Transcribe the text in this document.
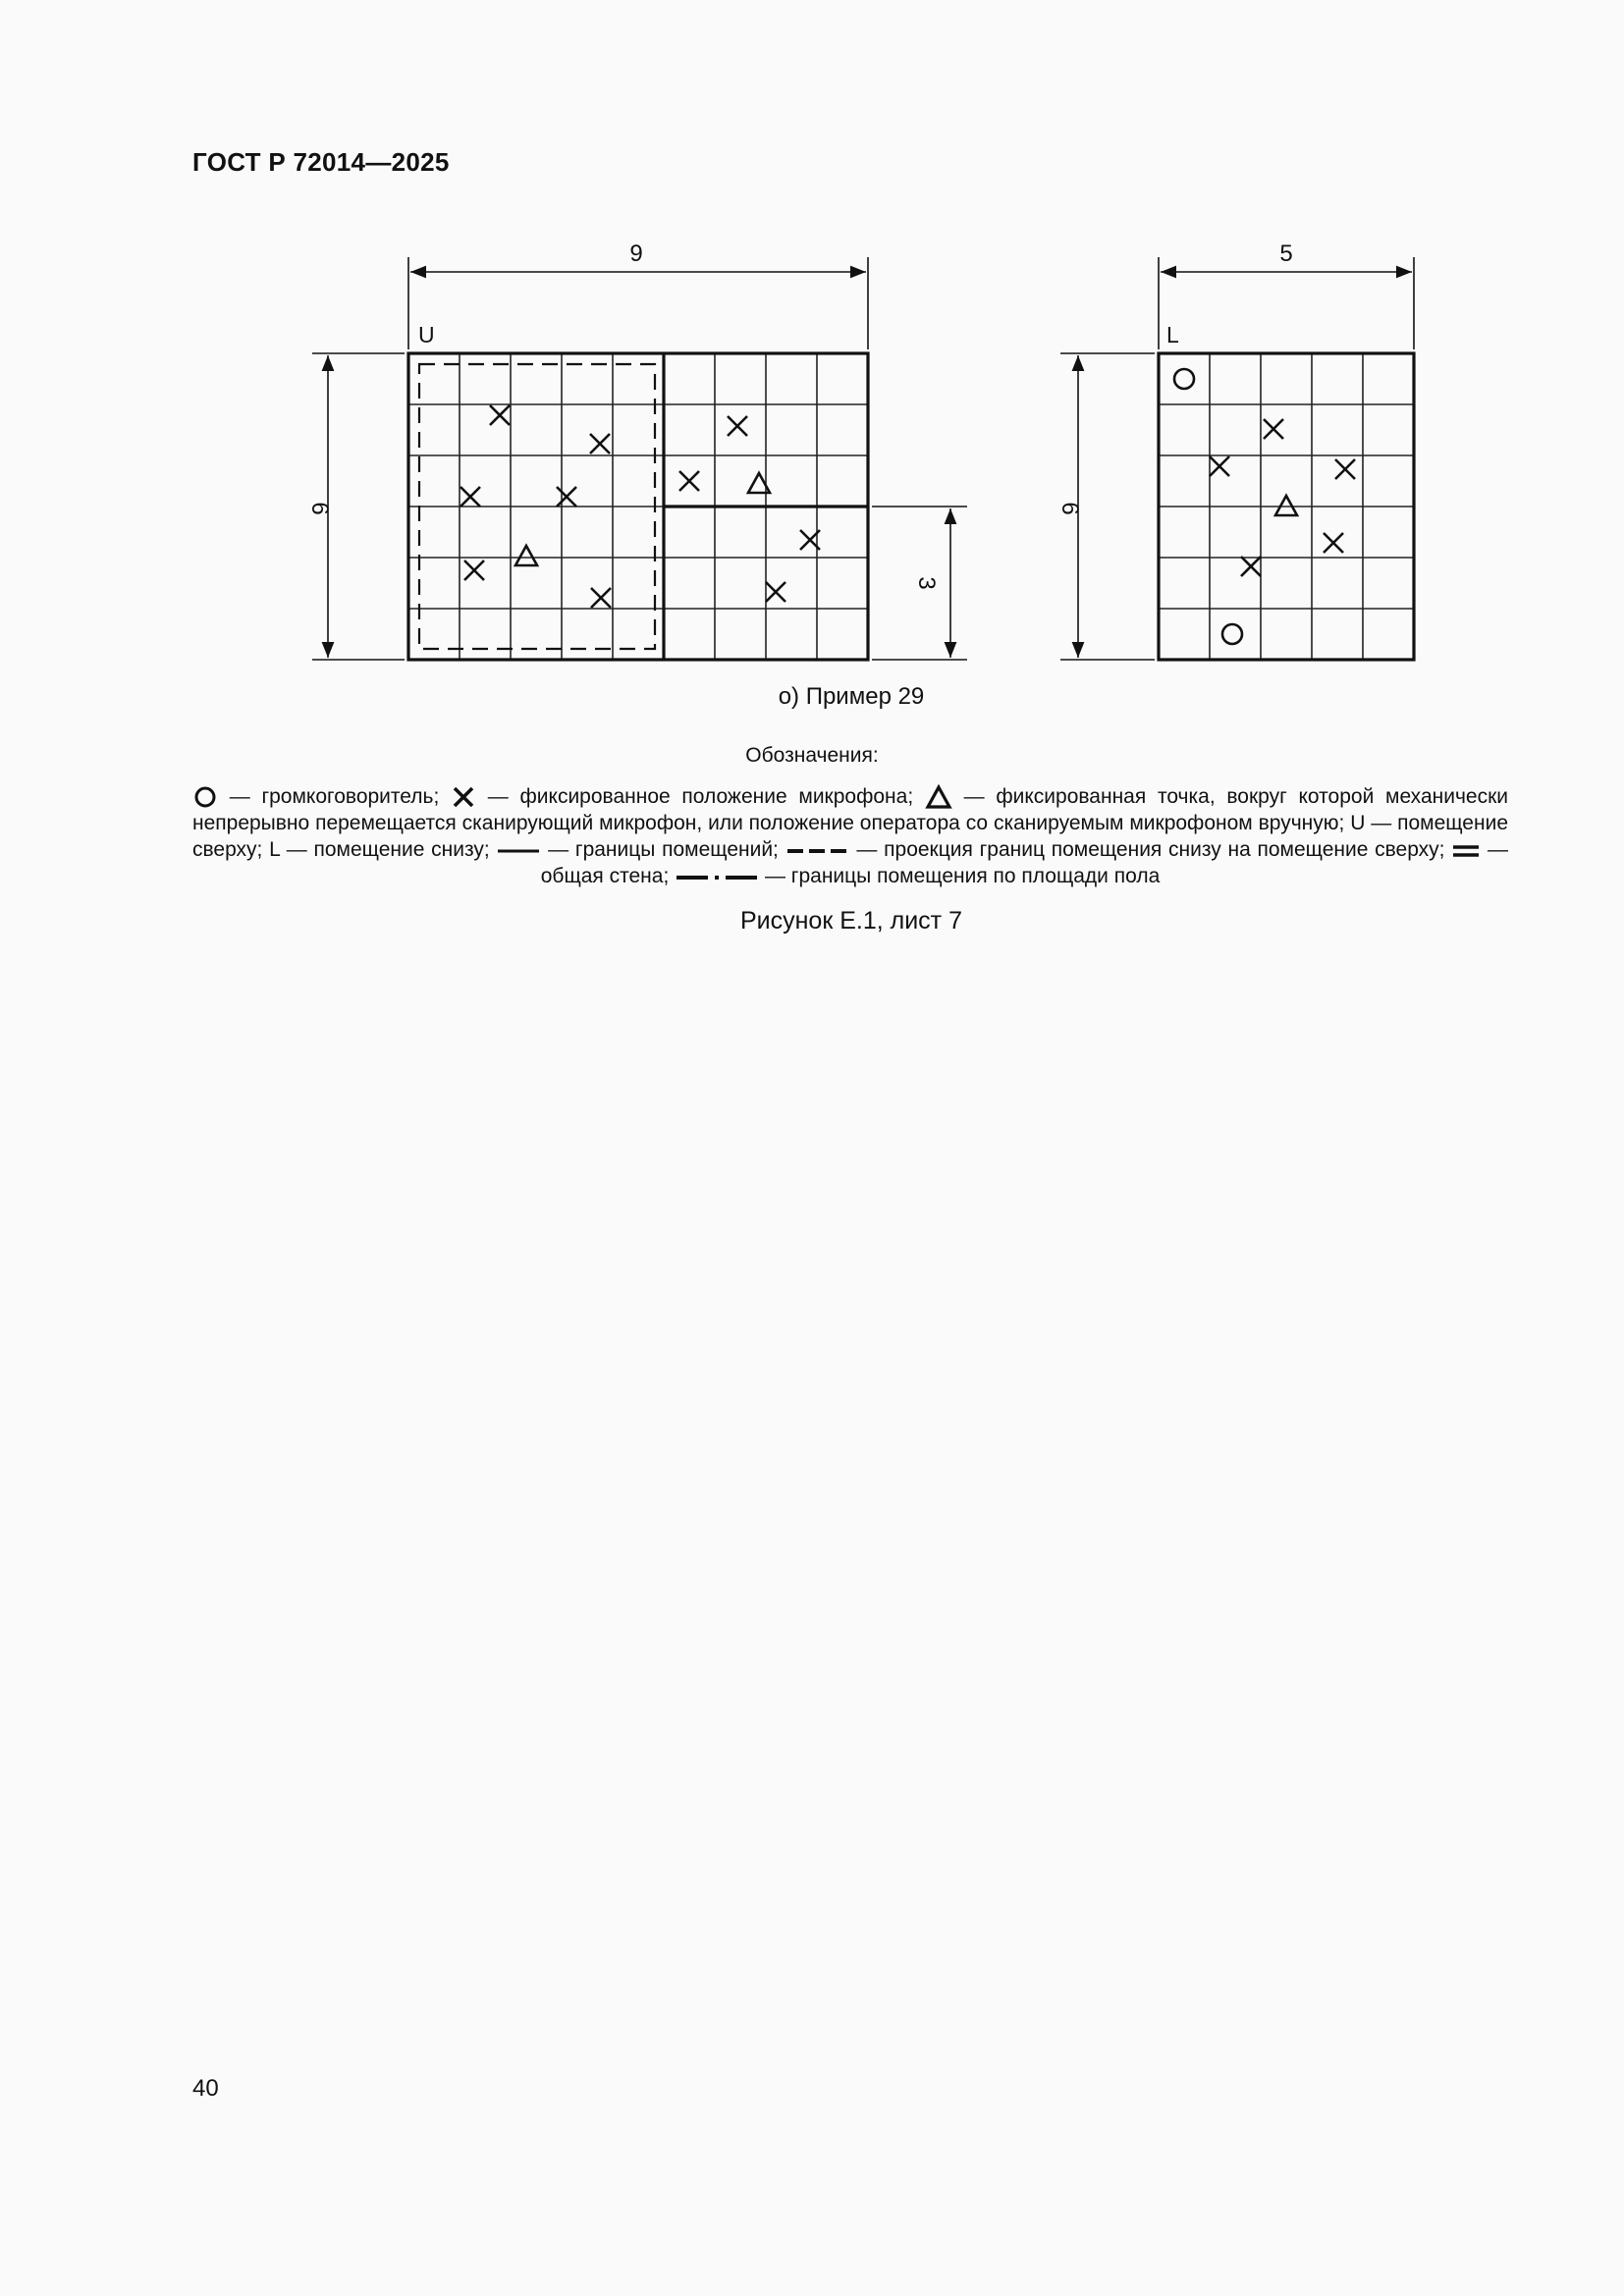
ГОСТ Р 72014—2025
9
U
6
3
5
L
6
о) Пример 29
Обозначения:
— громкоговоритель; — фиксированное положение микрофона; — фиксированная точка, вокруг которой механически непрерывно перемещается сканирующий микрофон, или положение оператора со сканируемым микрофоном вручную; U — помещение сверху; L — помещение снизу;	— границы помещений;	— проекция границ помещения снизу на помещение сверху; — общая стена;	— границы помещения по площади пола
Рисунок Е.1, лист 7
40
